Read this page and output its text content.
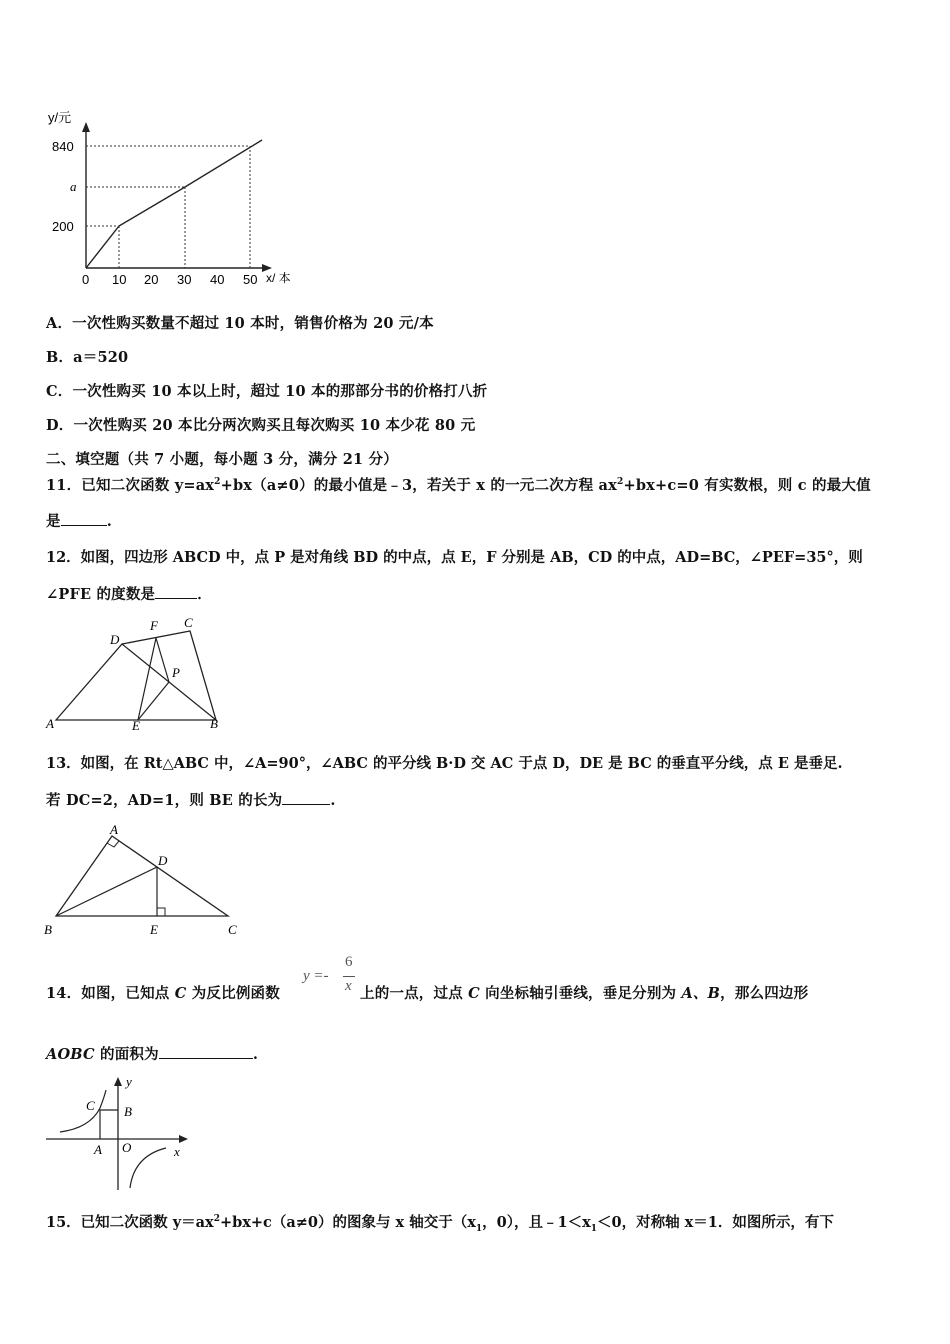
y/元
840
a
200
0 10 20 30 40 50 x/ 本
A．一次性购买数量不超过 10 本时，销售价格为 20 元/本
B．a＝520
C．一次性购买 10 本以上时，超过 10 本的那部分书的价格打八折
D．一次性购买 20 本比分两次购买且每次购买 10 本少花 80 元
二、填空题（共 7 小题，每小题 3 分，满分 21 分）
11．已知二次函数 $y=ax^2+bx(a\ne 0)$的最小值是﹣3，若关于 x 的一元二次方程 $ax^2+bx+c=0$ 有实数根，则 c 的最大值
是	.
12．如图，四边形 ABCD 中，点 P 是对角线 BD 的中点，点 E，F 分别是 AB，CD 的中点，AD=BC，∠PEF=35°，则
∠PFE 的度数是	．
D
F C
P
A	E	B
13．如图，在 Rt△ABC 中，∠A=90°，∠ABC 的平分线 B·D 交 AC 于点 D，DE 是 BC 的垂直平分线，点 E 是垂足.
若 DC=2，AD=1，则 BE 的长为	.
A
D
B	E	C
14．如图，已知点 C 为反比例函数
y =-
6
x 上的一点，过点 C 向坐标轴引垂线，垂足分别为 A、B，那么四边形
AOBC 的面积为	.
y
C B
A O	x
15．已知二次函数 $y=ax^2+bx+c(a\ne 0)$的图象与 x 轴交于（$x_1$，0），且$﹣1<x_1<0$，对称轴 x＝1．如图所示，有下
